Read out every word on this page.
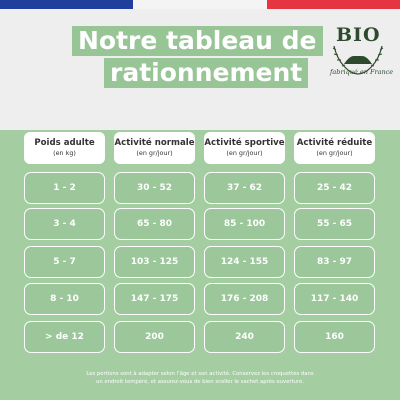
Notre tableau de
rationnement
BIO
fabriqué en France
Poids adulte
(en kg)
Activité normale
(en gr/jour)
Activité sportive
(en gr/jour)
Activité réduite
(en gr/jour)
1 - 2	30 - 52	37 - 62	25 - 42
3 - 4	65 - 80	85 - 100	55 - 65
5 - 7	103 - 125	124 - 155	83 - 97
8 - 10	147 - 175	176 - 208	117 - 140
> de 12	200	240	160
Les portions sont à adapter selon l’âge et son activité. Conservez les croquettes dans
un endroit tempéré, et assurez-vous de bien sceller le sachet après ouverture.
